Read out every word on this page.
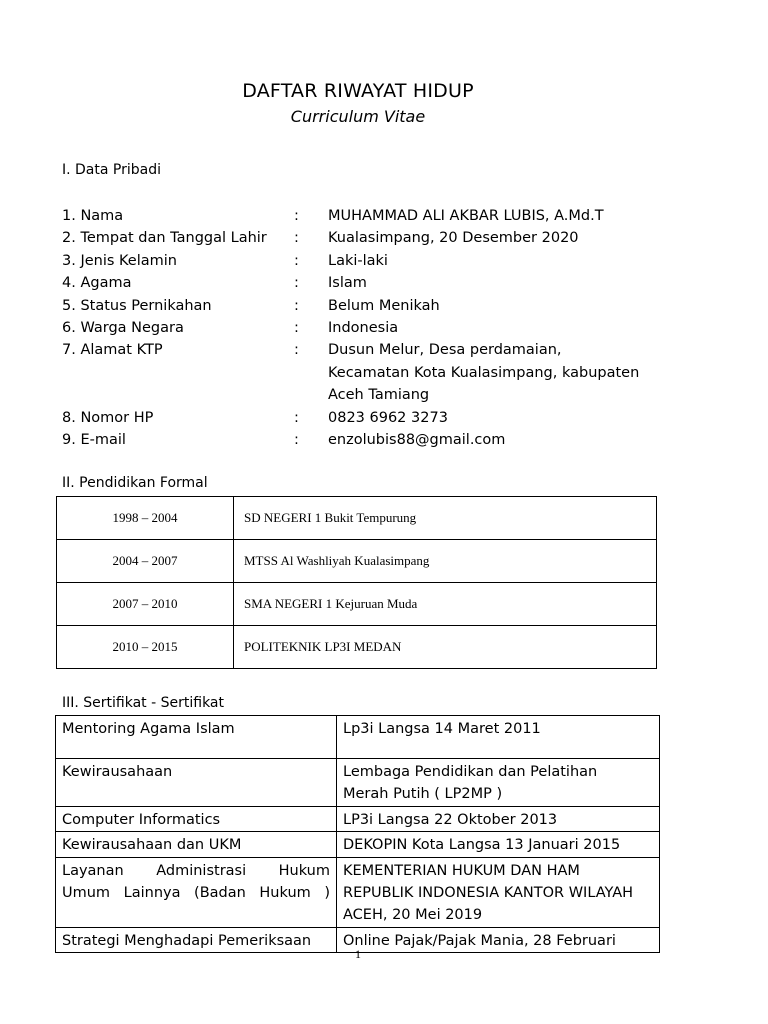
DAFTAR RIWAYAT HIDUP
Curriculum Vitae
I. Data Pribadi
1. Nama	:	MUHAMMAD ALI AKBAR LUBIS, A.Md.T
2. Tempat dan Tanggal Lahir	:	Kualasimpang, 20 Desember 2020
3. Jenis Kelamin	:	Laki-laki
4. Agama	:	Islam
5. Status Pernikahan	:	Belum Menikah
6. Warga Negara	:	Indonesia
7. Alamat KTP	:	Dusun Melur, Desa perdamaian,
Kecamatan Kota Kualasimpang, kabupaten
Aceh Tamiang
8. Nomor HP	:	0823 6962 3273
9. E-mail	:	enzolubis88@gmail.com
II. Pendidikan Formal
1998 – 2004	SD NEGERI 1 Bukit Tempurung
2004 – 2007	MTSS Al Washliyah Kualasimpang
2007 – 2010	SMA NEGERI 1 Kejuruan Muda
2010 – 2015	POLITEKNIK LP3I MEDAN
III. Sertifikat - Sertifikat
Mentoring Agama Islam	Lp3i Langsa 14 Maret 2011

Kewirausahaan	Lembaga Pendidikan dan Pelatihan
Merah Putih ( LP2MP )

Computer Informatics	LP3i Langsa 22 Oktober 2013

Kewirausahaan dan UKM	DEKOPIN Kota Langsa 13 Januari 2015

Layanan Administrasi Hukum
Umum Lainnya (Badan Hukum )	KEMENTERIAN HUKUM DAN HAM
REPUBLIK INDONESIA KANTOR WILAYAH
ACEH, 20 Mei 2019

Strategi Menghadapi Pemeriksaan	Online Pajak/Pajak Mania, 28 Februari
1
